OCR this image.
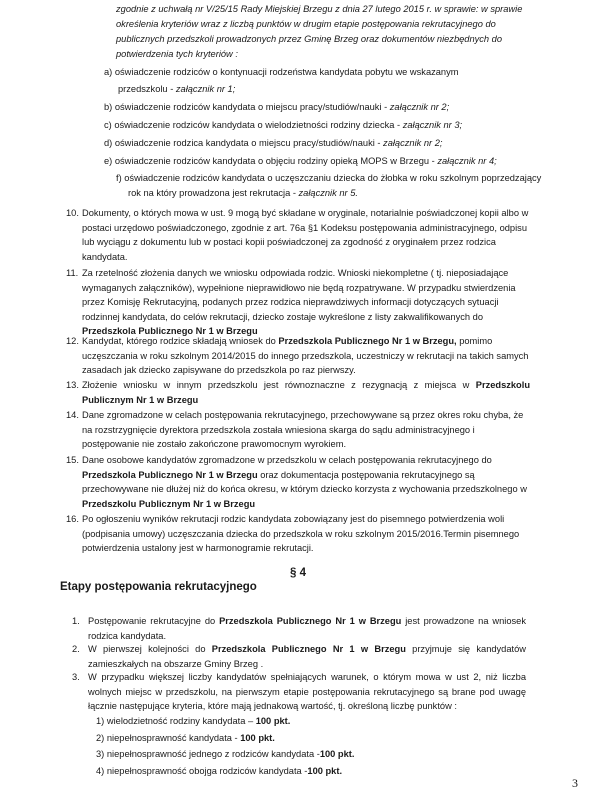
zgodnie z uchwałą nr V/25/15 Rady Miejskiej Brzegu z dnia 27 lutego 2015 r. w sprawie: w sprawie
określenia kryteriów wraz z liczbą punktów w drugim etapie postępowania rekrutacyjnego do
publicznych przedszkoli prowadzonych przez Gminę Brzeg oraz dokumentów niezbędnych do
potwierdzenia tych kryteriów :
a) oświadczenie rodziców o kontynuacji rodzeństwa kandydata pobytu we wskazanym
przedszkolu - załącznik nr 1;
b) oświadczenie rodziców kandydata o miejscu pracy/studiów/nauki - załącznik nr 2;
c) oświadczenie rodziców kandydata o wielodzietności rodziny dziecka - załącznik nr 3;
d) oświadczenie rodzica kandydata o miejscu pracy/studiów/nauki - załącznik nr 2;
e) oświadczenie rodziców kandydata o objęciu rodziny opieką MOPS w Brzegu - załącznik nr 4;
f) oświadczenie rodziców kandydata o uczęszczaniu dziecka do żłobka w roku szkolnym poprzedzający
rok na który prowadzona jest rekrutacja - załącznik nr 5.
10. Dokumenty, o których mowa w ust. 9 mogą być składane w oryginale, notarialnie poświadczonej kopii albo w postaci urzędowo poświadczonego, zgodnie z art. 76a §1 Kodeksu postępowania administracyjnego, odpisu lub wyciągu z dokumentu lub w postaci kopii poświadczonej za zgodność z oryginałem przez rodzica kandydata.
11. Za rzetelność złożenia danych we wniosku odpowiada rodzic. Wnioski niekompletne ( tj. nieposiadające wymaganych załączników), wypełnione nieprawidłowo nie będą rozpatrywane. W przypadku stwierdzenia przez Komisję Rekrutacyjną, podanych przez rodzica nieprawdziwych informacji dotyczących sytuacji rodzinnej kandydata, do celów rekrutacji, dziecko zostaje wykreślone z listy zakwalifikowanych do Przedszkola Publicznego Nr 1 w Brzegu
12. Kandydat, którego rodzice składają wniosek do Przedszkola Publicznego Nr 1 w Brzegu, pomimo uczęszczania w roku szkolnym 2014/2015 do innego przedszkola, uczestniczy w rekrutacji na takich samych zasadach jak dziecko zapisywane do przedszkola po raz pierwszy.
13. Złożenie wniosku w innym przedszkolu jest równoznaczne z rezygnacją z miejsca w Przedszkolu Publicznym Nr 1 w Brzegu
14. Dane zgromadzone w celach postępowania rekrutacyjnego, przechowywane są przez okres roku chyba, że na rozstrzygnięcie dyrektora przedszkola została wniesiona skarga do sądu administracyjnego i postępowanie nie zostało zakończone prawomocnym wyrokiem.
15. Dane osobowe kandydatów zgromadzone w przedszkolu w celach postępowania rekrutacyjnego do Przedszkola Publicznego Nr 1 w Brzegu oraz dokumentacja postępowania rekrutacyjnego są przechowywane nie dłużej niż do końca okresu, w którym dziecko korzysta z wychowania przedszkolnego w Przedszkolu Publicznym Nr 1 w Brzegu
16. Po ogłoszeniu wyników rekrutacji rodzic kandydata zobowiązany jest do pisemnego potwierdzenia woli (podpisania umowy) uczęszczania dziecka do przedszkola w roku szkolnym 2015/2016.Termin pisemnego potwierdzenia ustalony jest w harmonogramie rekrutacji.
§ 4
Etapy postępowania rekrutacyjnego
1. Postępowanie rekrutacyjne do Przedszkola Publicznego Nr 1 w Brzegu jest prowadzone na wniosek rodzica kandydata.
2. W pierwszej kolejności do Przedszkola Publicznego Nr 1 w Brzegu przyjmuje się kandydatów zamieszkałych na obszarze Gminy Brzeg .
3. W przypadku większej liczby kandydatów spełniających warunek, o którym mowa w ust 2, niż liczba wolnych miejsc w przedszkolu, na pierwszym etapie postępowania rekrutacyjnego są brane pod uwagę łącznie następujące kryteria, które mają jednakową wartość, tj. określoną liczbę punktów :
1) wielodzietność rodziny kandydata – 100 pkt.
2) niepełnosprawność kandydata - 100 pkt.
3) niepełnosprawność jednego z rodziców kandydata -100 pkt.
4) niepełnosprawność obojga rodziców kandydata -100 pkt.
3
